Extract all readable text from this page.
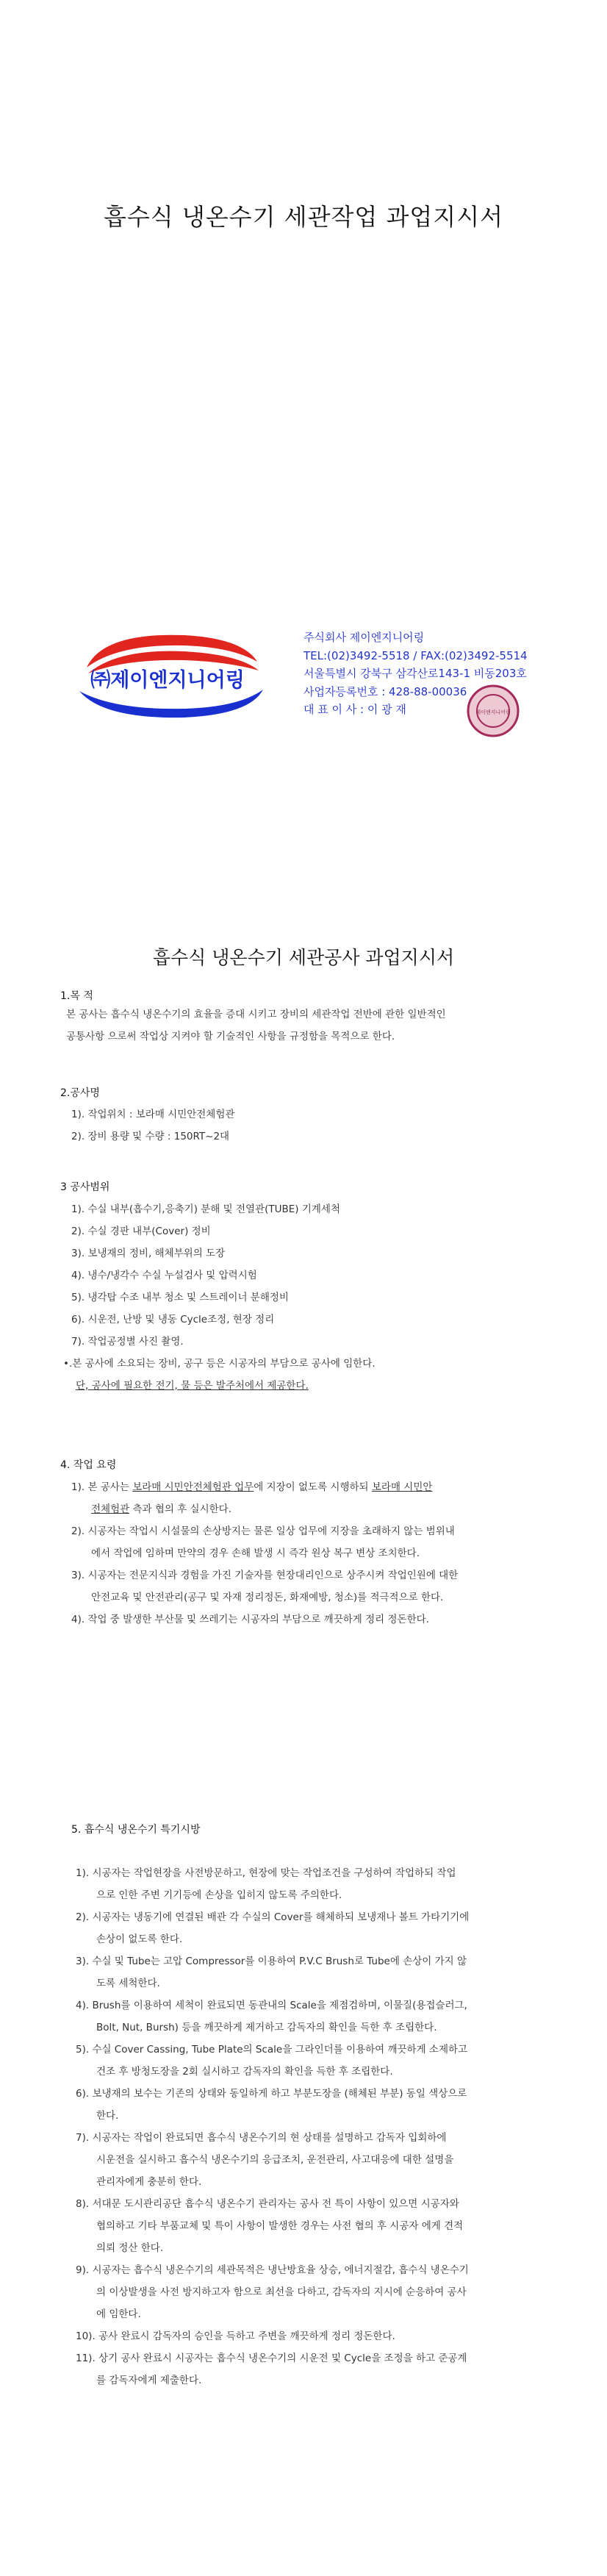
흡수식 냉온수기 세관작업 과업지시서
㈜제이엔지니어링
주식회사 제이엔지니어링
TEL:(02)3492-5518 / FAX:(02)3492-5514
서울특별시 강북구 삼각산로143-1 비동203호
사업자등록번호 : 428-88-00036
대 표 이 사 : 이 광 재	제이엔지니어링
흡수식 냉온수기 세관공사 과업지시서
1.목 적
본 공사는 흡수식 냉온수기의 효율을 증대 시키고 장비의 세관작업 전반에 관한 일반적인
공통사항 으로써 작업상 지켜야 할 기술적인 사항을 규정함을 목적으로 한다.
2.공사명
1). 작업위치 : 보라매 시민안전체험관
2). 장비 용량 및 수량 : 150RT~2대
3 공사범위
1). 수실 내부(흡수기,응축기) 분해 및 전열관(TUBE) 기계세척
2). 수실 경판 내부(Cover) 정비
3). 보냉재의 정비, 해체부위의 도장
4). 냉수/냉각수 수실 누설검사 및 압력시험
5). 냉각탑 수조 내부 청소 및 스트레이너 분해정비
6). 시운전, 난방 및 냉동 Cycle조정, 현장 정리
7). 작업공정별 사진 촬영.
•.본 공사에 소요되는 장비, 공구 등은 시공자의 부담으로 공사에 임한다.
단, 공사에 필요한 전기, 물 등은 발주처에서 제공한다.
4. 작업 요령
1). 본 공사는 보라매 시민안전체험관 업무에 지장이 없도록 시행하되 보라매 시민안
전체험관 측과 협의 후 실시한다.
2). 시공자는 작업시 시설물의 손상방지는 물론 일상 업무에 지장을 초래하지 않는 범위내
에서 작업에 임하며 만약의 경우 손해 발생 시 즉각 원상 복구 변상 조치한다.
3). 시공자는 전문지식과 경험을 가진 기술자를 현장대리인으로 상주시켜 작업인원에 대한
안전교육 및 안전관리(공구 및 자재 정리정돈, 화재예방, 청소)를 적극적으로 한다.
4). 작업 중 발생한 부산물 및 쓰레기는 시공자의 부담으로 깨끗하게 정리 정돈한다.
5. 흡수식 냉온수기 특기시방
1). 시공자는 작업현장을 사전방문하고, 현장에 맞는 작업조건을 구성하여 작업하되 작업
으로 인한 주변 기기등에 손상을 입히지 않도록 주의한다.
2). 시공자는 냉동기에 연결된 배관 각 수실의 Cover를 해체하되 보냉재나 볼트 가타기기에
손상이 없도록 한다.
3). 수실 및 Tube는 고압 Compressor를 이용하여 P.V.C Brush로 Tube에 손상이 가지 않
도록 세척한다.
4). Brush를 이용하여 세척이 완료되면 동관내의 Scale을 제점검하며, 이물질(용접슬러그,
Bolt, Nut, Bursh) 등을 깨끗하게 제거하고 감독자의 확인을 득한 후 조립한다.
5). 수실 Cover Cassing, Tube Plate의 Scale을 그라인더를 이용하여 깨끗하게 소제하고
건조 후 방청도장을 2회 실시하고 감독자의 확인을 득한 후 조립한다.
6). 보냉재의 보수는 기존의 상태와 동일하게 하고 부분도장을 (해체된 부분) 동일 색상으로
한다.
7). 시공자는 작업이 완료되면 흡수식 냉온수기의 현 상태를 설명하고 감독자 입회하에
시운전을 실시하고 흡수식 냉온수기의 응급조치, 운전관리, 사고대응에 대한 설명을
관리자에게 충분히 한다.
8). 서대문 도시관리공단 흡수식 냉온수기 관리자는 공사 전 특이 사항이 있으면 시공자와
협의하고 기타 부품교체 및 특이 사항이 발생한 경우는 사전 협의 후 시공자 에게 견적
의뢰 정산 한다.
9). 시공자는 흡수식 냉온수기의 세관목적은 냉난방효율 상승, 에너지절감, 흡수식 냉온수기
의 이상발생을 사전 방지하고자 함으로 최선을 다하고, 감독자의 지시에 순응하여 공사
에 임한다.
10). 공사 완료시 감독자의 승인을 득하고 주변을 깨끗하게 정리 정돈한다.
11). 상기 공사 완료시 시공자는 흡수식 냉온수기의 시운전 및 Cycle을 조정을 하고 준공계
를 감독자에게 제출한다.
